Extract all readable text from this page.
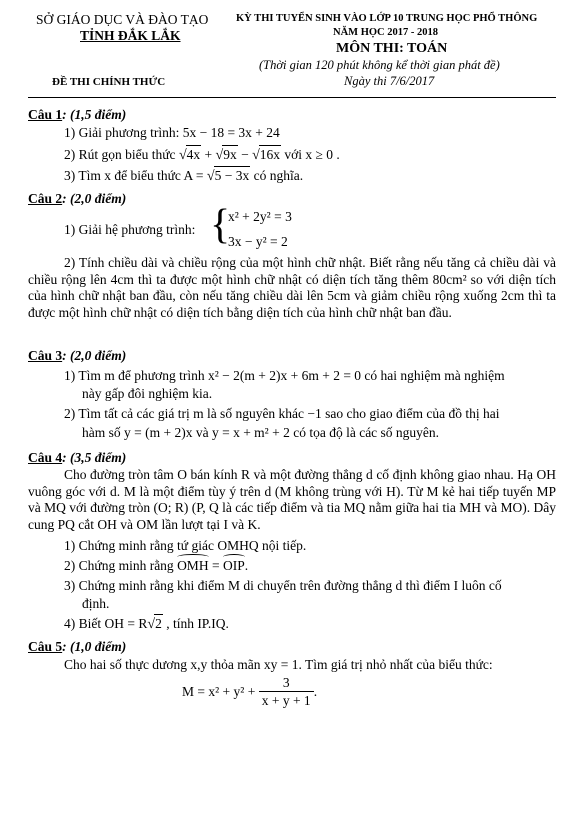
SỞ GIÁO DỤC VÀ ĐÀO TẠO
TỈNH ĐẮK LẮK
ĐỀ THI CHÍNH THỨC
KỲ THI TUYỂN SINH VÀO LỚP 10 TRUNG HỌC PHỔ THÔNG
NĂM HỌC 2017 - 2018
MÔN THI: TOÁN
(Thời gian 120 phút không kể thời gian phát đề)
Ngày thi 7/6/2017
Câu 1: (1,5 điểm)
1) Giải phương trình: 5x − 18 = 3x + 24
2) Rút gọn biểu thức √4x + √9x − √16x với x ≥ 0 .
3) Tìm x để biểu thức A = √5 − 3x có nghĩa.
Câu 2: (2,0 điểm)
1) Giải hệ phương trình: {
x² + 2y² = 3
3x − y² = 2
2) Tính chiều dài và chiều rộng của một hình chữ nhật. Biết rằng nếu tăng cả chiều dài và chiều rộng lên 4cm thì ta được một hình chữ nhật có diện tích tăng thêm 80cm² so với diện tích của hình chữ nhật ban đầu, còn nếu tăng chiều dài lên 5cm và giảm chiều rộng xuống 2cm thì ta được một hình chữ nhật có diện tích bằng diện tích của hình chữ nhật ban đầu.
Câu 3: (2,0 điểm)
1) Tìm m để phương trình x² − 2(m + 2)x + 6m + 2 = 0 có hai nghiệm mà nghiệm
này gấp đôi nghiệm kia.
2) Tìm tất cả các giá trị m là số nguyên khác −1 sao cho giao điểm của đồ thị hai
hàm số y = (m + 2)x và y = x + m² + 2 có tọa độ là các số nguyên.
Câu 4: (3,5 điểm)
Cho đường tròn tâm O bán kính R và một đường thẳng d cố định không giao nhau. Hạ OH vuông góc với d. M là một điểm tùy ý trên d (M không trùng với H). Từ M kẻ hai tiếp tuyến MP và MQ với đường tròn (O; R) (P, Q là các tiếp điểm và tia MQ nằm giữa hai tia MH và MO). Dây cung PQ cắt OH và OM lần lượt tại I và K.
1) Chứng minh rằng tứ giác OMHQ nội tiếp.
2) Chứng minh rằng OMH = OIP.
3) Chứng minh rằng khi điểm M di chuyển trên đường thẳng d thì điểm I luôn cố
định.
4) Biết OH = R√2 , tính IP.IQ.
Câu 5: (1,0 điểm)
Cho hai số thực dương x,y thỏa mãn xy = 1. Tìm giá trị nhỏ nhất của biểu thức:
$M = x^2 + y^2 + \frac{3}{x + y + 1}$ .
